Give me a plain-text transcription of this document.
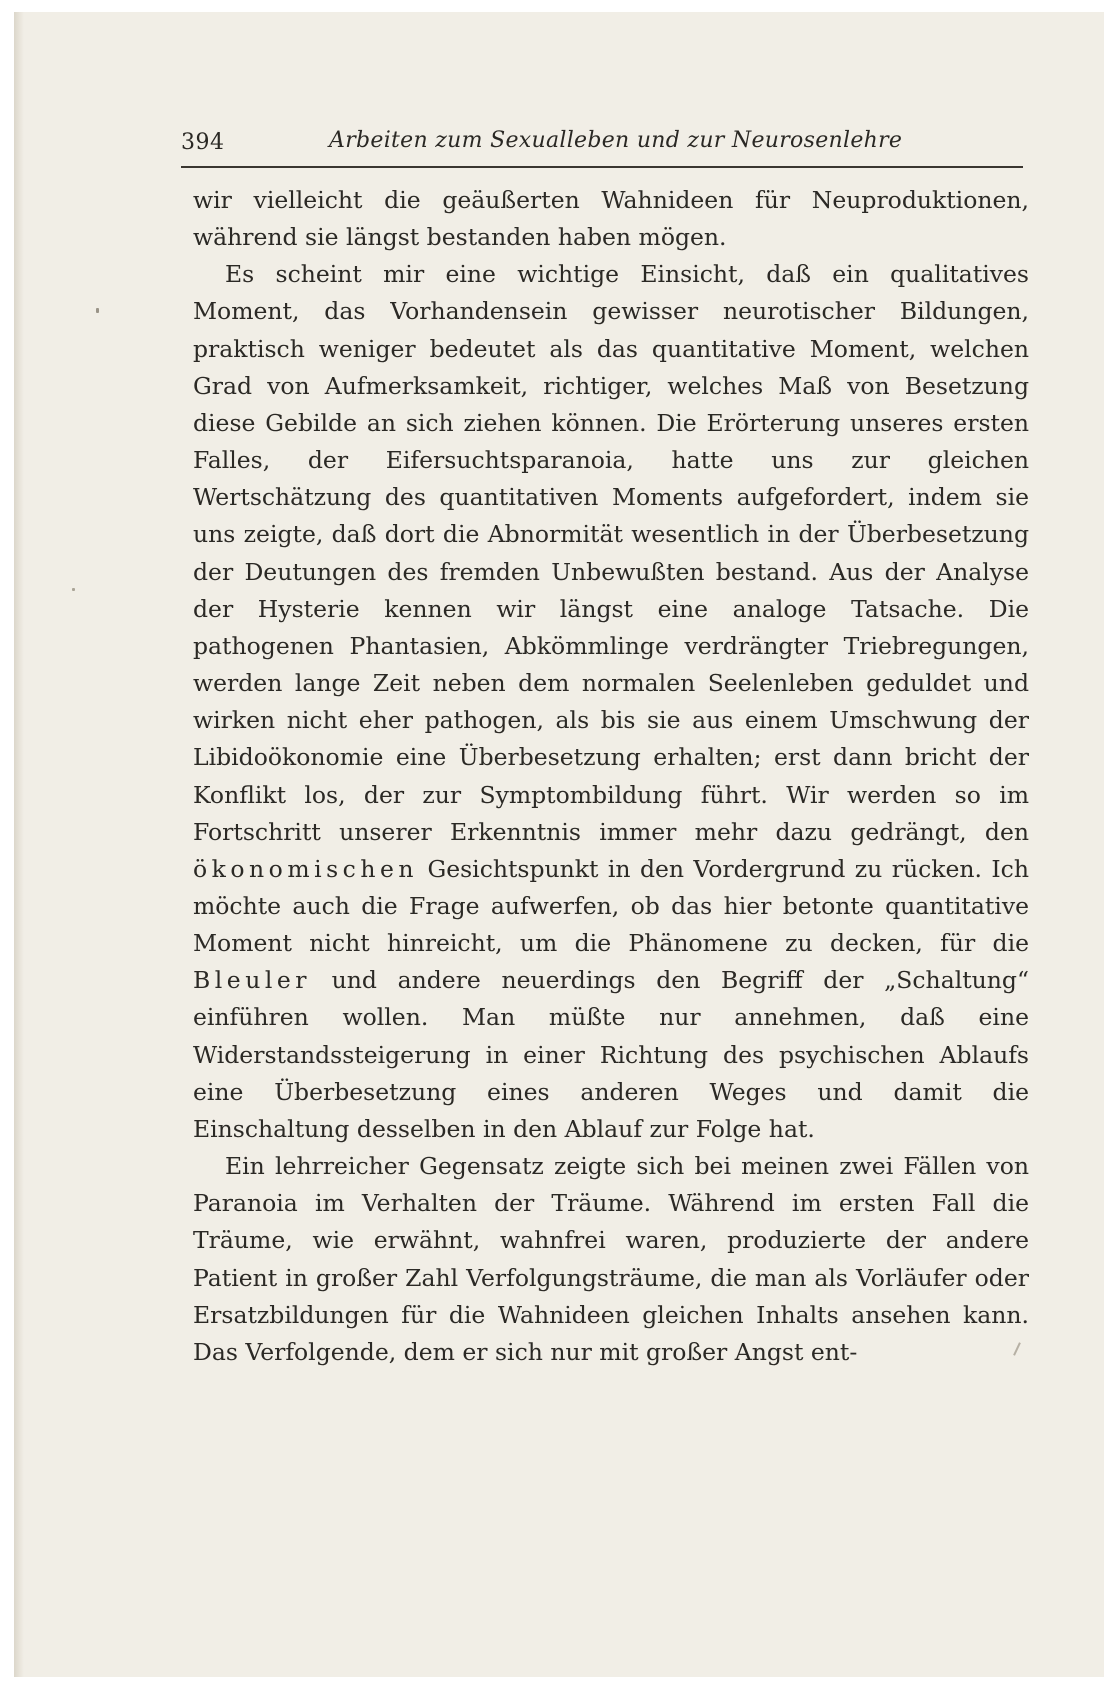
394	Arbeiten zum Sexualleben und zur Neurosenlehre

wir vielleicht die geäußerten Wahnideen für Neuproduktionen, während sie längst bestanden haben mögen.

Es scheint mir eine wichtige Einsicht, daß ein qualitatives Moment, das Vorhandensein gewisser neurotischer Bildungen, praktisch weniger bedeutet als das quantitative Moment, welchen Grad von Aufmerksamkeit, richtiger, welches Maß von Besetzung diese Gebilde an sich ziehen können. Die Erörterung unseres ersten Falles, der Eifersuchtsparanoia, hatte uns zur gleichen Wertschätzung des quantitativen Moments aufgefordert, indem sie uns zeigte, daß dort die Abnormität wesentlich in der Überbesetzung der Deutungen des fremden Unbewußten bestand. Aus der Analyse der Hysterie kennen wir längst eine analoge Tatsache. Die pathogenen Phantasien, Abkömmlinge verdrängter Triebregungen, werden lange Zeit neben dem normalen Seelenleben geduldet und wirken nicht eher pathogen, als bis sie aus einem Umschwung der Libidoökonomie eine Überbesetzung erhalten; erst dann bricht der Konflikt los, der zur Symptombildung führt. Wir werden so im Fortschritt unserer Erkenntnis immer mehr dazu gedrängt, den ökonomischen Gesichtspunkt in den Vordergrund zu rücken. Ich möchte auch die Frage aufwerfen, ob das hier betonte quantitative Moment nicht hinreicht, um die Phänomene zu decken, für die Bleuler und andere neuerdings den Begriff der „Schaltung“ einführen wollen. Man müßte nur annehmen, daß eine Widerstandssteigerung in einer Richtung des psychischen Ablaufs eine Überbesetzung eines anderen Weges und damit die Einschaltung desselben in den Ablauf zur Folge hat.

Ein lehrreicher Gegensatz zeigte sich bei meinen zwei Fällen von Paranoia im Verhalten der Träume. Während im ersten Fall die Träume, wie erwähnt, wahnfrei waren, produzierte der andere Patient in großer Zahl Verfolgungsträume, die man als Vorläufer oder Ersatzbildungen für die Wahnideen gleichen Inhalts ansehen kann. Das Verfolgende, dem er sich nur mit großer Angst ent-
